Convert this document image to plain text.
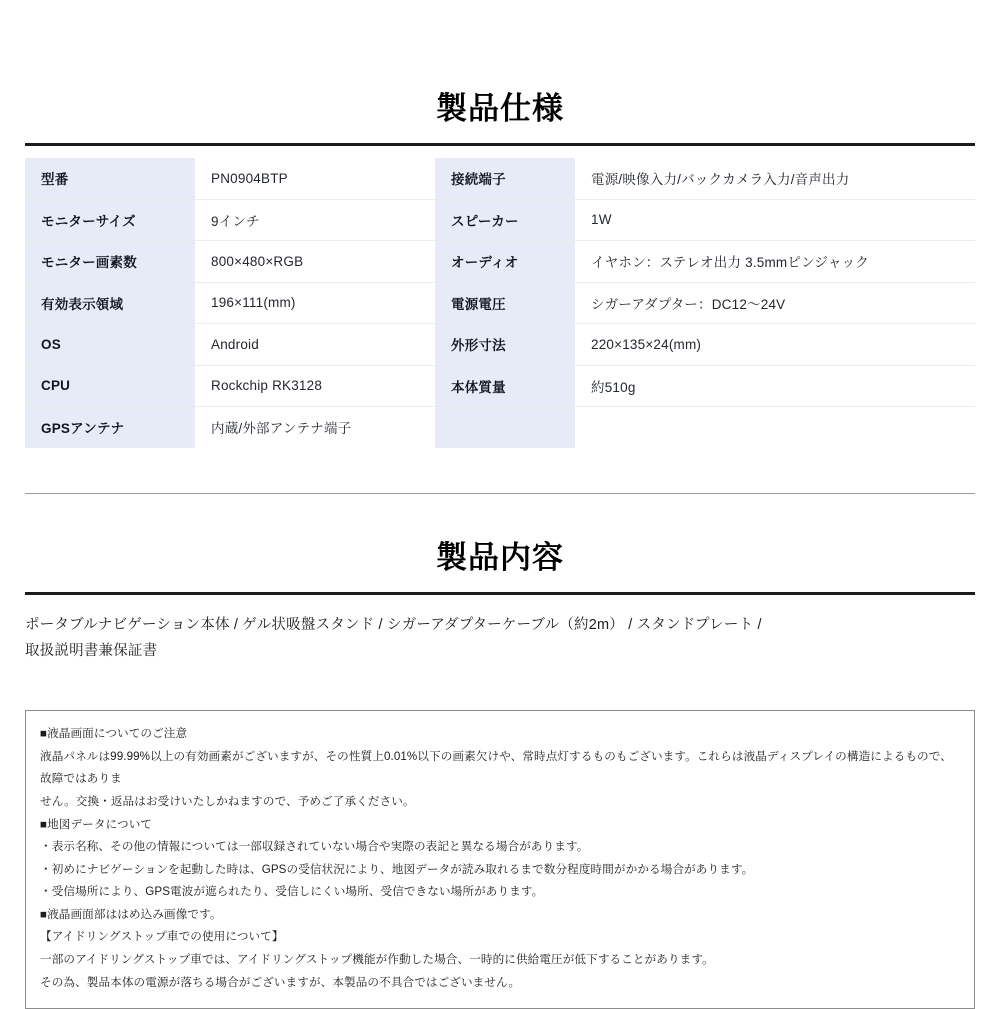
製品仕様
型番	PN0904BTP
モニターサイズ	9インチ
モニター画素数	800×480×RGB
有効表示領域	196×111(mm)
OS	Android
CPU	Rockchip RK3128
GPSアンテナ	内蔵/外部アンテナ端子
接続端子	電源/映像入力/バックカメラ入力/音声出力
スピーカー	1W
オーディオ	イヤホン：ステレオ出力 3.5mmピンジャック
電源電圧	シガーアダプター：DC12〜24V
外形寸法	220×135×24(mm)
本体質量	約510g
製品内容
ポータブルナビゲーション本体 / ゲル状吸盤スタンド / シガーアダプターケーブル（約2m） / スタンドプレート /
取扱説明書兼保証書

■液晶画面についてのご注意

液晶パネルは99.99%以上の有効画素がございますが、その性質上0.01%以下の画素欠けや、常時点灯するものもございます。これらは液晶ディスプレイの構造によるもので、故障ではありま

せん。交換・返品はお受けいたしかねますので、予めご了承ください。

■地図データについて

・表示名称、その他の情報については一部収録されていない場合や実際の表記と異なる場合があります。

・初めにナビゲーションを起動した時は、GPSの受信状況により、地図データが読み取れるまで数分程度時間がかかる場合があります。

・受信場所により、GPS電波が遮られたり、受信しにくい場所、受信できない場所があります。

■液晶画面部ははめ込み画像です。

【アイドリングストップ車での使用について】

一部のアイドリングストップ車では、アイドリングストップ機能が作動した場合、一時的に供給電圧が低下することがあります。

その為、製品本体の電源が落ちる場合がございますが、本製品の不具合ではございません。
